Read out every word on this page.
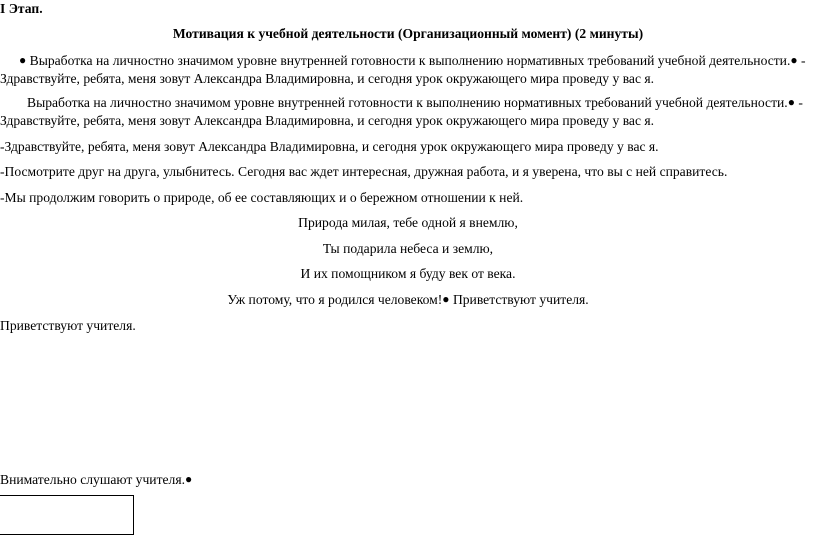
I Этап.
Мотивация к учебной деятельности (Организационный момент) (2 минуты)
● Выработка на личностно значимом уровне внутренней готовности к выполнению нормативных требований учебной деятельности.● -
Здравствуйте, ребята, меня зовут Александра Владимировна, и сегодня урок окружающего мира проведу у вас я.
Выработка на личностно значимом уровне внутренней готовности к выполнению нормативных требований учебной деятельности.● -
Здравствуйте, ребята, меня зовут Александра Владимировна, и сегодня урок окружающего мира проведу у вас я.
-Здравствуйте, ребята, меня зовут Александра Владимировна, и сегодня урок окружающего мира проведу у вас я.
-Посмотрите друг на друга, улыбнитесь. Сегодня вас ждет интересная, дружная работа, и я уверена, что вы с ней справитесь.
-Мы продолжим говорить о природе, об ее составляющих и о бережном отношении к ней.
Природа милая, тебе одной я внемлю,
Ты подарила небеса и землю,
И их помощником я буду век от века.
Уж потому, что я родился человеком!● Приветствуют учителя.
Приветствуют учителя.
Внимательно слушают учителя.●
